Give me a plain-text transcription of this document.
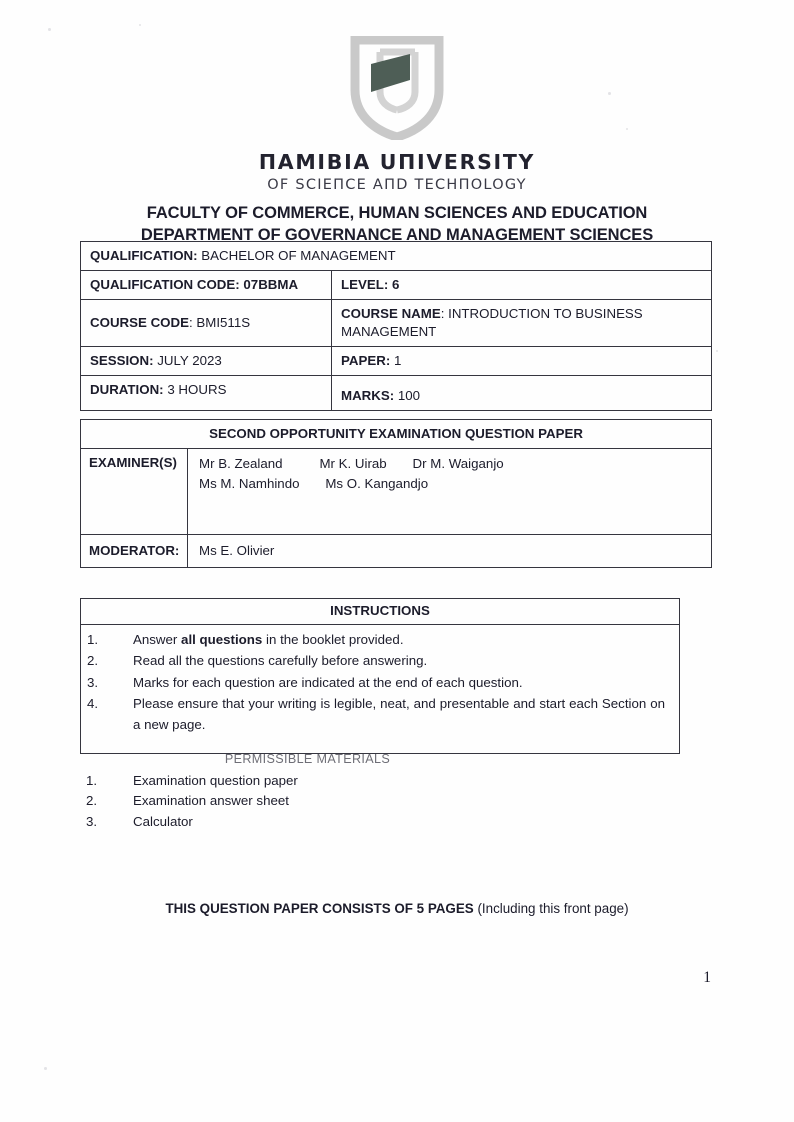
ПAMIBIA UПIVERSITY
OF SCIEПCE AПD TECHПOLOGY
FACULTY OF COMMERCE, HUMAN SCIENCES AND EDUCATION
DEPARTMENT OF GOVERNANCE AND MANAGEMENT SCIENCES
QUALIFICATION: BACHELOR OF MANAGEMENT	
QUALIFICATION CODE: 07BBMA	LEVEL: 6
COURSE CODE: BMI511S	COURSE NAME: INTRODUCTION TO BUSINESS MANAGEMENT
SESSION: JULY 2023	PAPER: 1
DURATION: 3 HOURS	MARKS: 100
SECOND OPPORTUNITY EXAMINATION QUESTION PAPER	
EXAMINER(S)	Mr B. Zealand          Mr K. Uirab       Dr M. Waiganjo
Ms M. Namhindo       Ms O. Kangandjo

MODERATOR:	Ms E. Olivier
INSTRUCTIONS
1.	Answer all questions in the booklet provided.
2.	Read all the questions carefully before answering.
3.	Marks for each question are indicated at the end of each question.
4.	Please ensure that your writing is legible, neat, and presentable and start each Section on a new page.
PERMISSIBLE MATERIALS
1.	Examination question paper
2.	Examination answer sheet
3.	Calculator
THIS QUESTION PAPER CONSISTS OF 5 PAGES (Including this front page)
1
